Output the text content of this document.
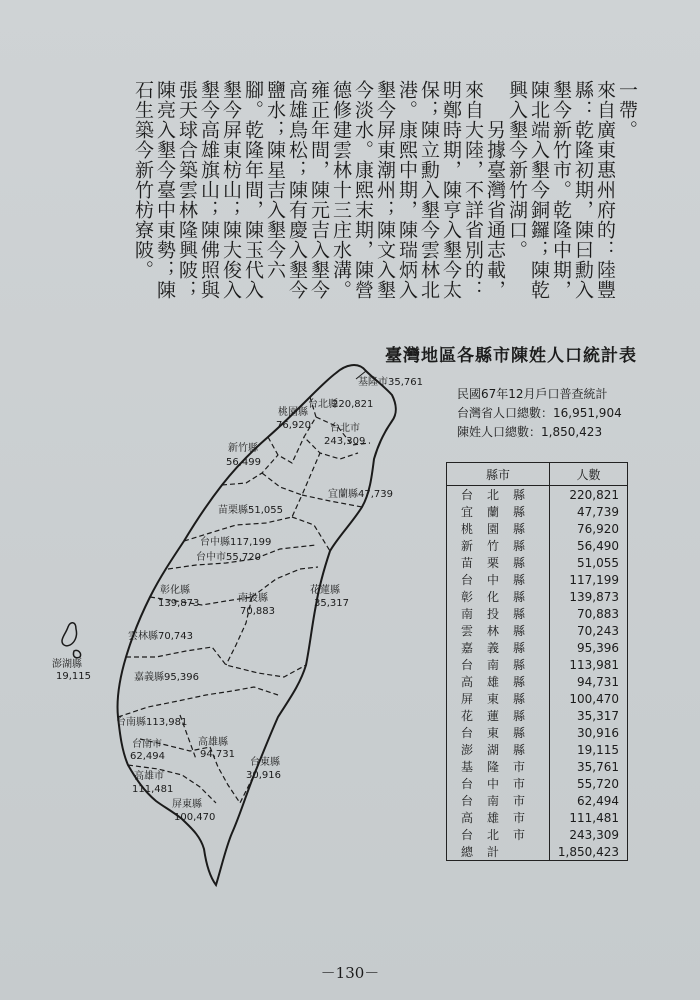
一帶。

來自廣東惠州府的：陸豐縣：乾隆初期，陳曰勳入墾今新竹市。乾隆中期，陳北端入墾今銅鑼；陳乾興入墾今新竹湖口。

另據臺灣省通志載，來自大陸，不詳省別的：明鄭時期，陳亨入墾今太保；陳立勳入墾今雲林北港。康熙中期，陳瑞炳入墾今屏東潮州；陳文入墾今淡水。康熙末期，陳營德修建雲林十三庄水溝。雍正年間，陳元吉入墾今高雄鳥松；陳有慶入墾今鹽水；陳星吉入墾今六腳。乾隆年間，陳玉代入墾今屏東枋山；陳大俊入墾今高雄旗山；陳佛照與張天球合築雲林隆興陂；陳亮入墾今臺中東勢；陳石生築今新竹枋寮陂。

臺灣地區各縣市陳姓人口統計表
民國67年12月戶口普查統計
台灣省人口總數：16,951,904
陳姓人口總數：1,850,423
縣市	人數
台北縣	220,821
宜蘭縣	47,739
桃園縣	76,920
新竹縣	56,490
苗栗縣	51,055
台中縣	117,199
彰化縣	139,873
南投縣	70,883
雲林縣	70,243
嘉義縣	95,396
台南縣	113,981
高雄縣	94,731
屏東縣	100,470
花蓮縣	35,317
台東縣	30,916
澎湖縣	19,115
基隆市	35,761
台中市	55,720
台南市	62,494
高雄市	111,481
台北市	243,309
總計	1,850,423
基隆市35,761
台北縣
220,821
台北市
243,309
桃園縣
76,920
新竹縣
56,499
宜蘭縣47,739
苗栗縣51,055
台中縣117,199
台中市55,720
彰化縣
139,873	南投縣
70,883
花蓮縣
35,317
雲林縣70,743
嘉義縣95,396
台南縣113,981
台南市
62,494
高雄縣
94,731
台東縣
30,916
高雄市
111,481
屏東縣
100,470
澎湖縣
19,115
－130－
